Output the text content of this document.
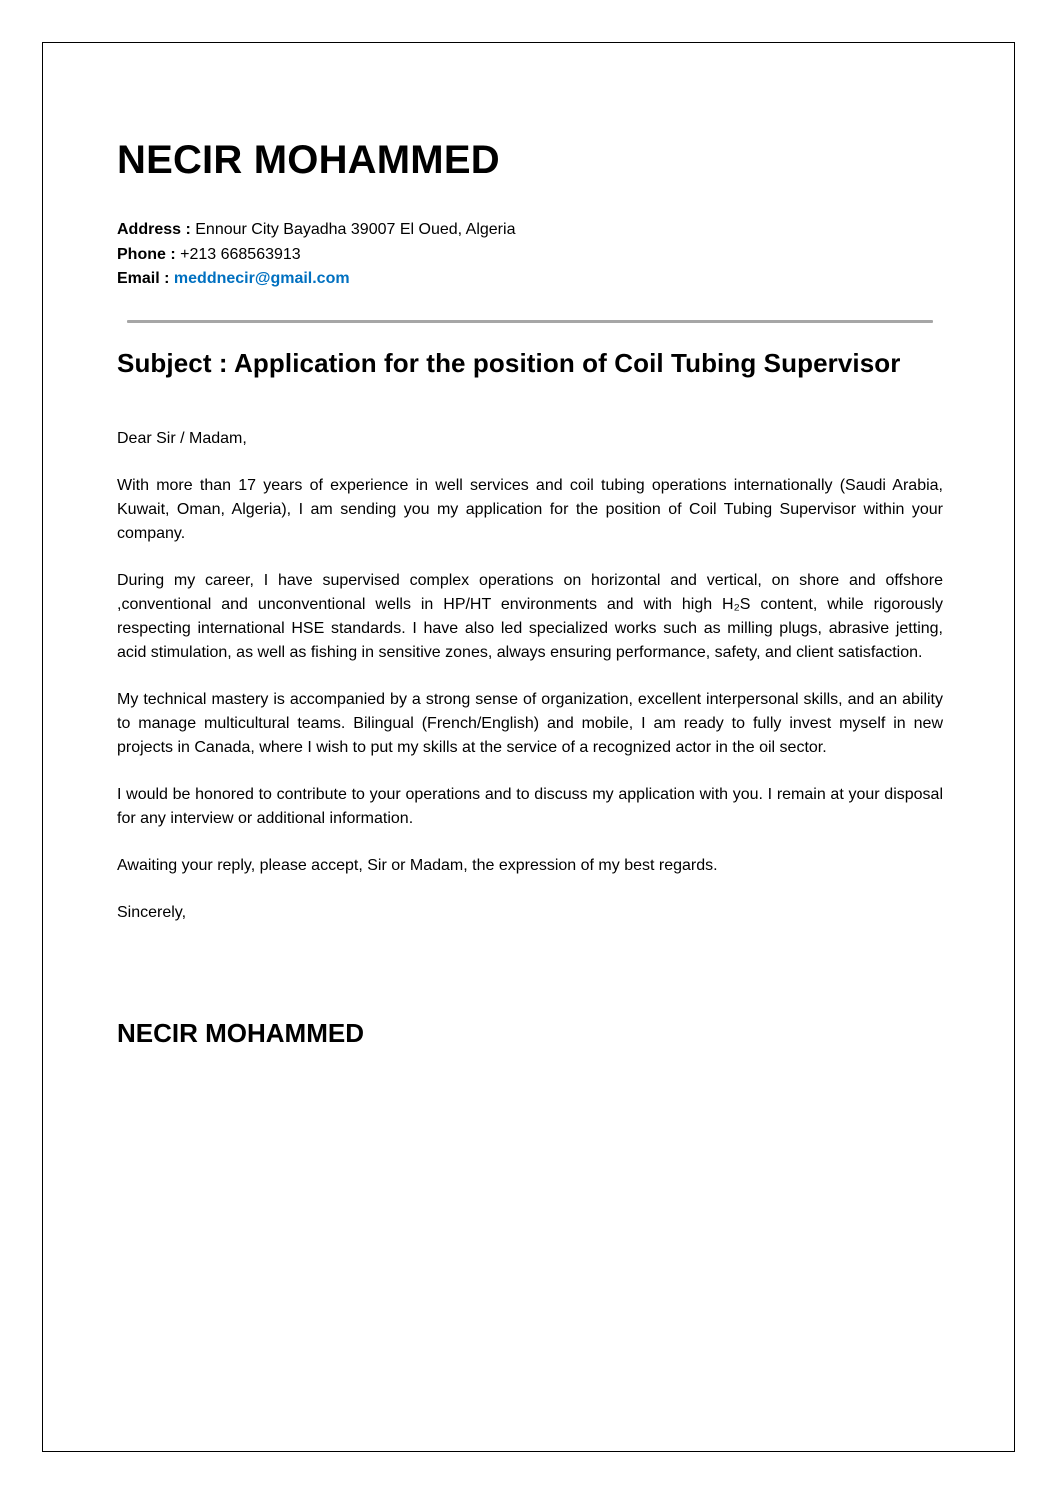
NECIR MOHAMMED
Address : Ennour City Bayadha 39007 El Oued, Algeria
Phone : +213 668563913
Email : meddnecir@gmail.com
Subject : Application for the position of Coil Tubing Supervisor

Dear Sir / Madam,

With more than 17 years of experience in well services and coil tubing operations internationally (Saudi Arabia, Kuwait, Oman, Algeria), I am sending you my application for the position of Coil Tubing Supervisor within your company.

During my career, I have supervised complex operations on horizontal and vertical, on shore and offshore ,conventional and unconventional wells in HP/HT environments and with high H₂S content, while rigorously respecting international HSE standards. I have also led specialized works such as milling plugs, abrasive jetting, acid stimulation, as well as fishing in sensitive zones, always ensuring performance, safety, and client satisfaction.

My technical mastery is accompanied by a strong sense of organization, excellent interpersonal skills, and an ability to manage multicultural teams. Bilingual (French/English) and mobile, I am ready to fully invest myself in new projects in Canada, where I wish to put my skills at the service of a recognized actor in the oil sector.

I would be honored to contribute to your operations and to discuss my application with you. I remain at your disposal for any interview or additional information.

Awaiting your reply, please accept, Sir or Madam, the expression of my best regards.

Sincerely,

NECIR MOHAMMED
